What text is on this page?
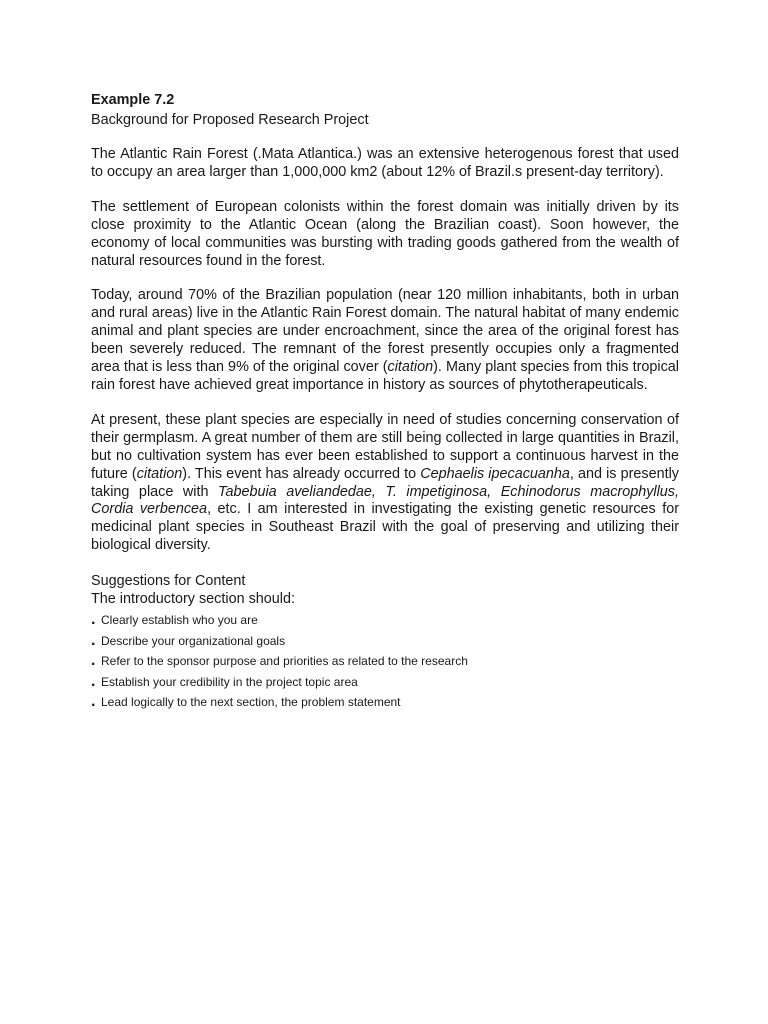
Example 7.2

Background for Proposed Research Project

The Atlantic Rain Forest (.Mata Atlantica.) was an extensive heterogenous forest that used to occupy an area larger than 1,000,000 km2 (about 12% of Brazil.s present-day territory).

The settlement of European colonists within the forest domain was initially driven by its close proximity to the Atlantic Ocean (along the Brazilian coast). Soon however, the economy of local communities was bursting with trading goods gathered from the wealth of natural resources found in the forest.

Today, around 70% of the Brazilian population (near 120 million inhabitants, both in urban and rural areas) live in the Atlantic Rain Forest domain. The natural habitat of many endemic animal and plant species are under encroachment, since the area of the original forest has been severely reduced. The remnant of the forest presently occupies only a fragmented area that is less than 9% of the original cover (citation). Many plant species from this tropical rain forest have achieved great importance in history as sources of phytotherapeuticals.

At present, these plant species are especially in need of studies concerning conservation of their germplasm. A great number of them are still being collected in large quantities in Brazil, but no cultivation system has ever been established to support a continuous harvest in the future (citation). This event has already occurred to Cephaelis ipecacuanha, and is presently taking place with Tabebuia aveliandedae, T. impetiginosa, Echinodorus macrophyllus, Cordia verbencea, etc. I am interested in investigating the existing genetic resources for medicinal plant species in Southeast Brazil with the goal of preserving and utilizing their biological diversity.

Suggestions for Content

The introductory section should:

. Clearly establish who you are
. Describe your organizational goals
. Refer to the sponsor purpose and priorities as related to the research
. Establish your credibility in the project topic area
. Lead logically to the next section, the problem statement
